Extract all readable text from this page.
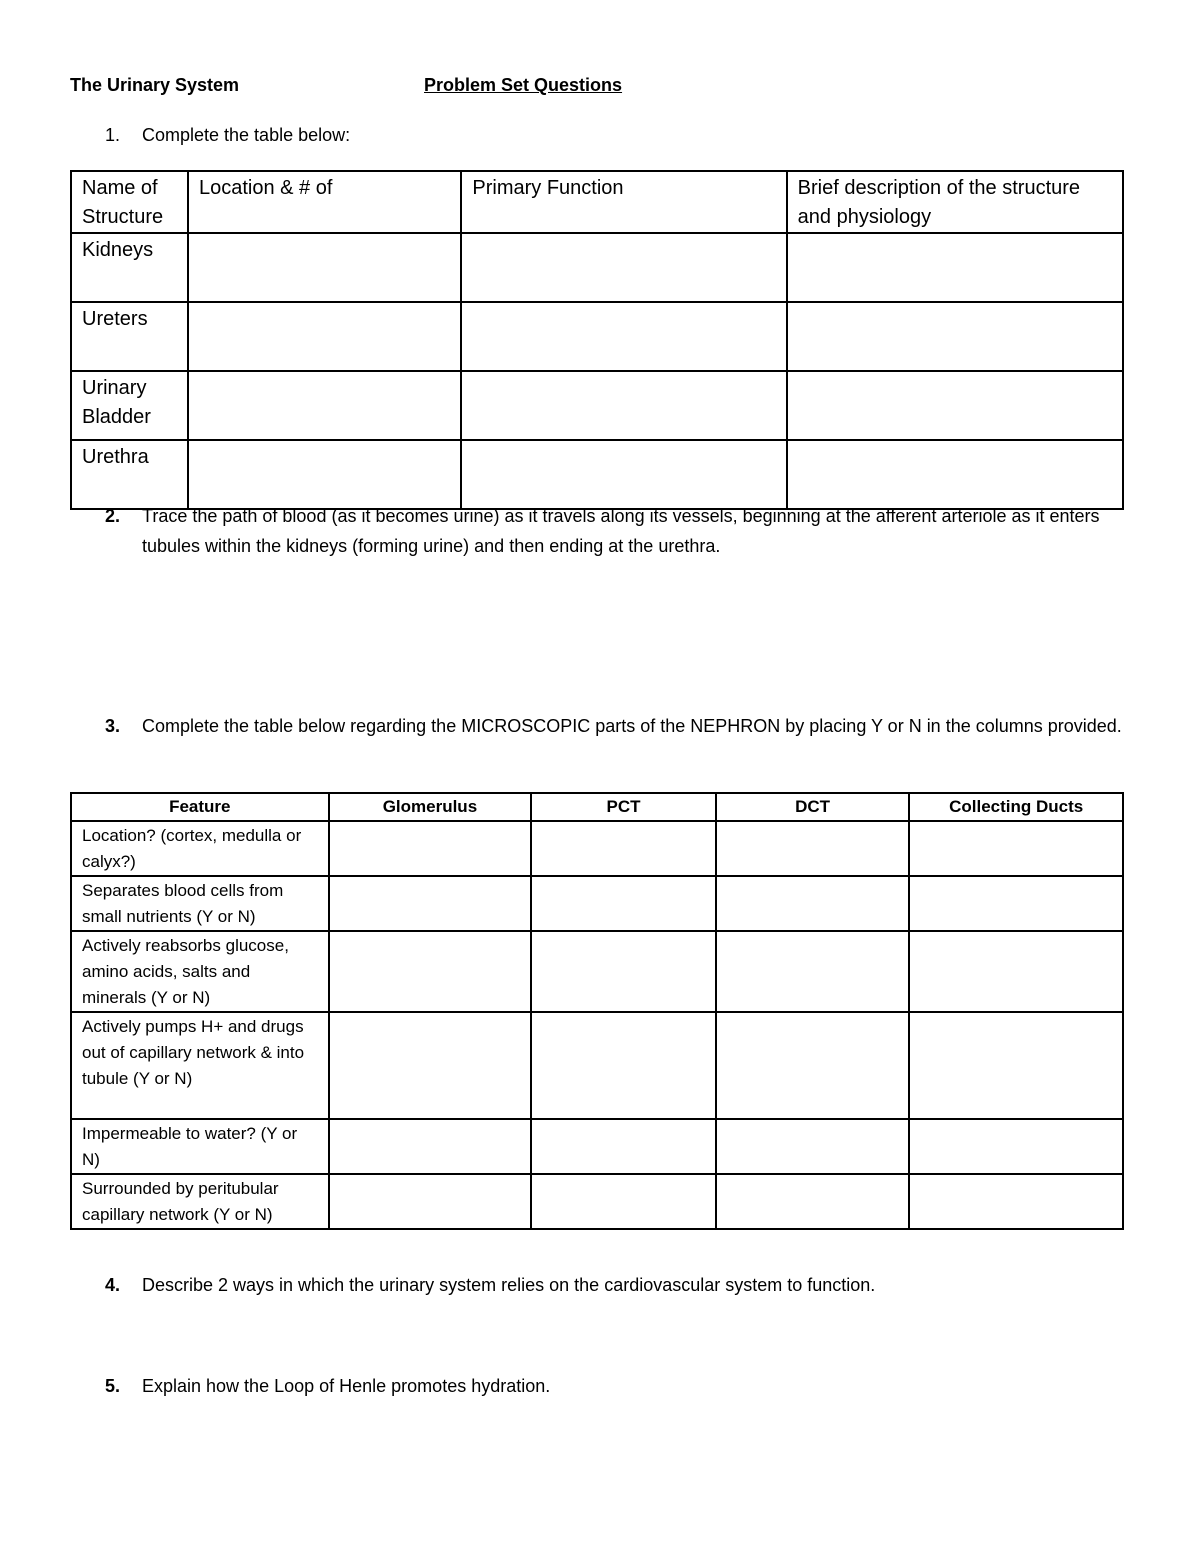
The Urinary System	Problem Set Questions
1.	Complete the table below:
Name of Structure	Location & # of	Primary Function	Brief description of the structure and physiology
Kidneys			
Ureters			
Urinary Bladder			
Urethra			
2.	Trace the path of blood (as it becomes urine) as it travels along its vessels, beginning at the afferent arteriole as it enters tubules within the kidneys (forming urine) and then ending at the urethra.
3.	Complete the table below regarding the MICROSCOPIC parts of the NEPHRON by placing Y or N in the columns provided.
Feature	Glomerulus	PCT	DCT	Collecting Ducts
Location? (cortex, medulla or calyx?)				
Separates blood cells from small nutrients (Y or N)				
Actively reabsorbs glucose, amino acids, salts and minerals (Y or N)				
Actively pumps H+ and drugs out of capillary network & into tubule (Y or N)				
Impermeable to water? (Y or N)				
Surrounded by peritubular capillary network (Y or N)				
4.	Describe 2 ways in which the urinary system relies on the cardiovascular system to function.
5.	Explain how the Loop of Henle promotes hydration.
